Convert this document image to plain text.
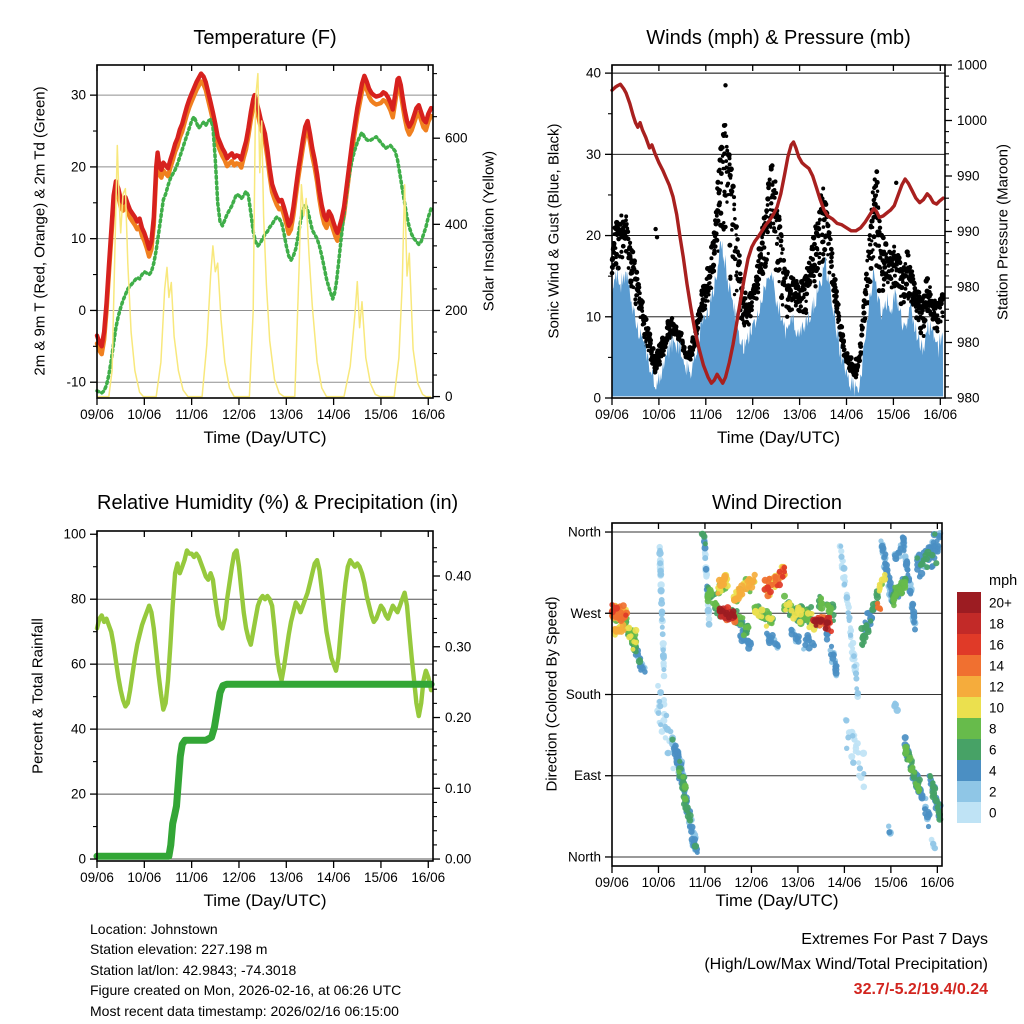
09/06 10/06 11/06 12/06 13/06 14/06 15/06 16/06
30
20
10
0
-10
600
400
200
0
09/06 10/06 11/06 12/06 13/06 14/06 15/06 16/06
40
30
20
10
0
1000
1000
990
990
980
980
980
09/06 10/06 11/06 12/06 13/06 14/06 15/06 16/06
100
80
60
40
20
0
0.40
0.30
0.20
0.10
0.00
09/06 10/06 11/06 12/06 13/06 14/06 15/06 16/06
North
West
South
East
North
mph
20+
18
16
14
12
10
8
6
4
2
0
Temperature (F)	Winds (mph) & Pressure (mb)
Relative Humidity (%) & Precipitation (in)	Wind Direction
2m & 9m T (Red, Orange) & 2m Td (Green)	Solar Insolation (Yellow)	Sonic Wind & Gust (Blue, Black)	Station Pressure (Maroon)
Percent & Total Rainfall	Direction (Colored By Speed)
Time (Day/UTC)	Time (Day/UTC)
Time (Day/UTC)	Time (Day/UTC)
Location: Johnstown
Station elevation: 227.198 m
Station lat/lon: 42.9843; -74.3018
Figure created on Mon, 2026-02-16, at 06:26 UTC
Most recent data timestamp: 2026/02/16 06:15:00
Extremes For Past 7 Days
(High/Low/Max Wind/Total Precipitation)
32.7/-5.2/19.4/0.24
